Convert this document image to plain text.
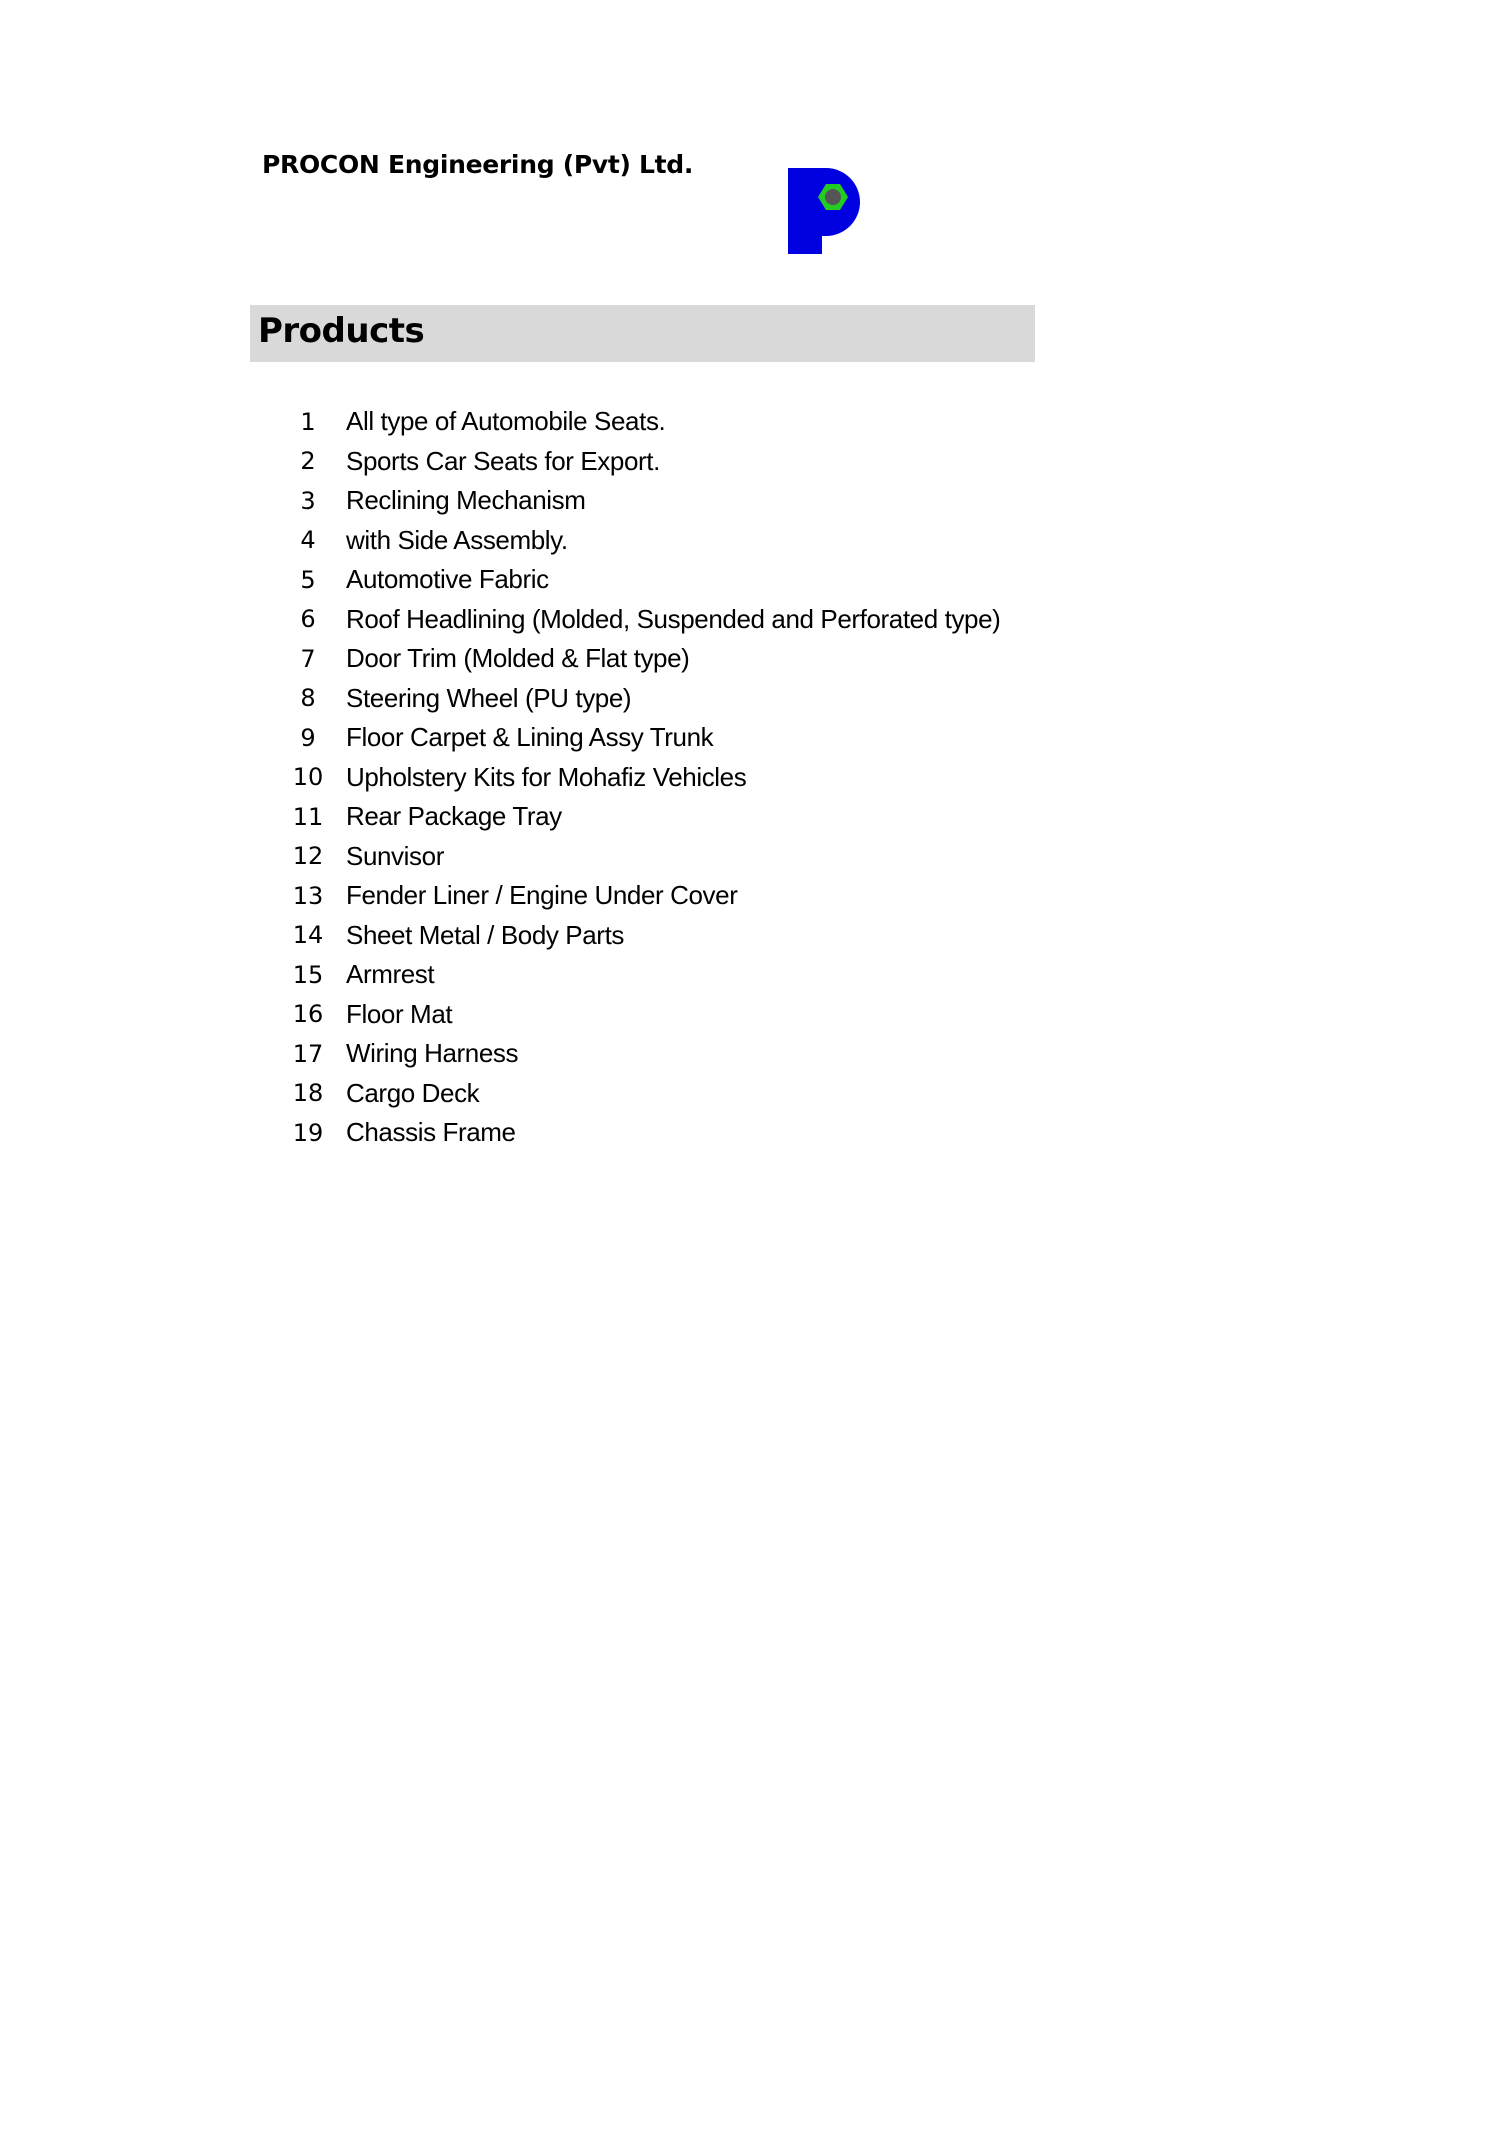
PROCON Engineering (Pvt) Ltd.
Products
1	All type of Automobile Seats.
2	Sports Car Seats for Export.
3	Reclining Mechanism
4	with Side Assembly.
5	Automotive Fabric
6	Roof Headlining (Molded, Suspended and Perforated type)
7	Door Trim (Molded & Flat type)
8	Steering Wheel (PU type)
9	Floor Carpet & Lining Assy Trunk
10 Upholstery Kits for Mohafiz Vehicles
11 Rear Package Tray
12 Sunvisor
13 Fender Liner / Engine Under Cover
14 Sheet Metal / Body Parts
15 Armrest
16 Floor Mat
17 Wiring Harness
18 Cargo Deck
19 Chassis Frame
